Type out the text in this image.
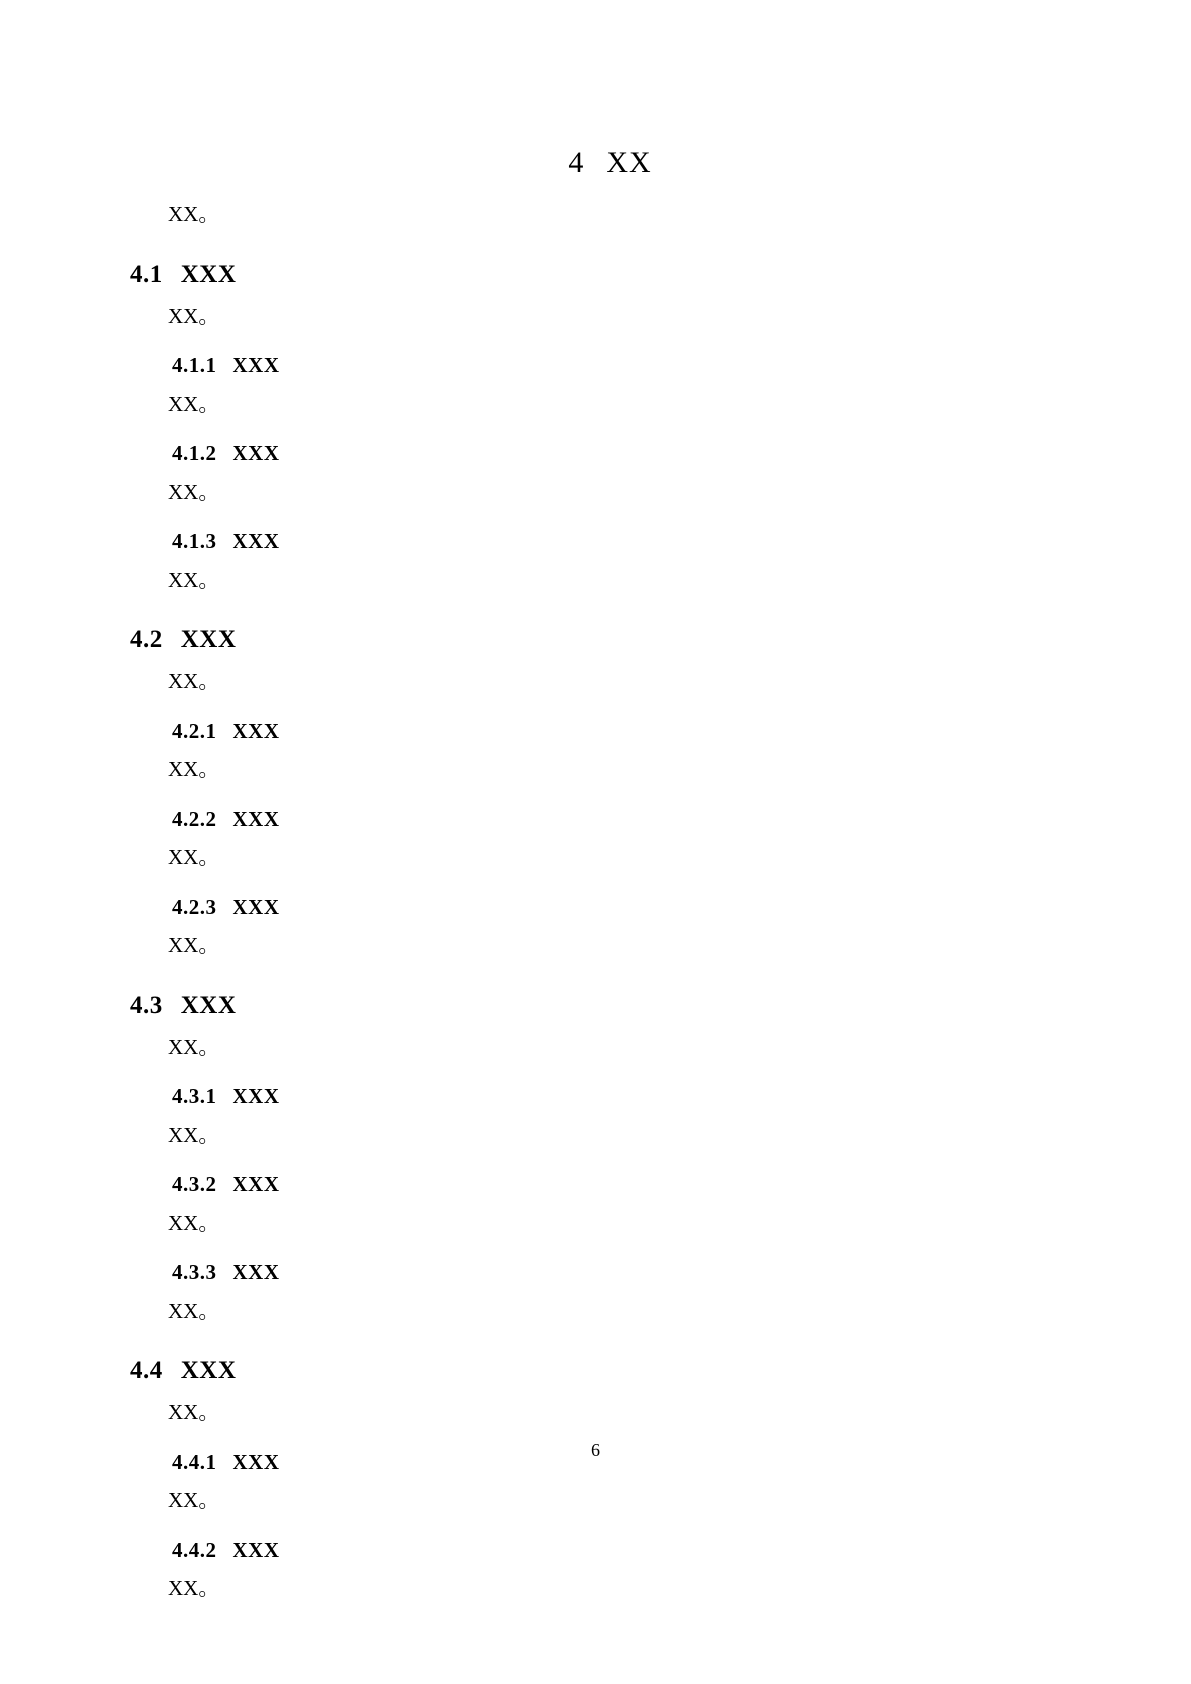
4 XX

XX。

4.1 XXX

XX。

4.1.1 XXX

XX。

4.1.2 XXX

XX。

4.1.3 XXX

XX。

4.2 XXX

XX。

4.2.1 XXX

XX。

4.2.2 XXX

XX。

4.2.3 XXX

XX。

4.3 XXX

XX。

4.3.1 XXX

XX。

4.3.2 XXX

XX。

4.3.3 XXX

XX。

4.4 XXX

XX。

4.4.1 XXX

XX。

4.4.2 XXX

XX。

6
